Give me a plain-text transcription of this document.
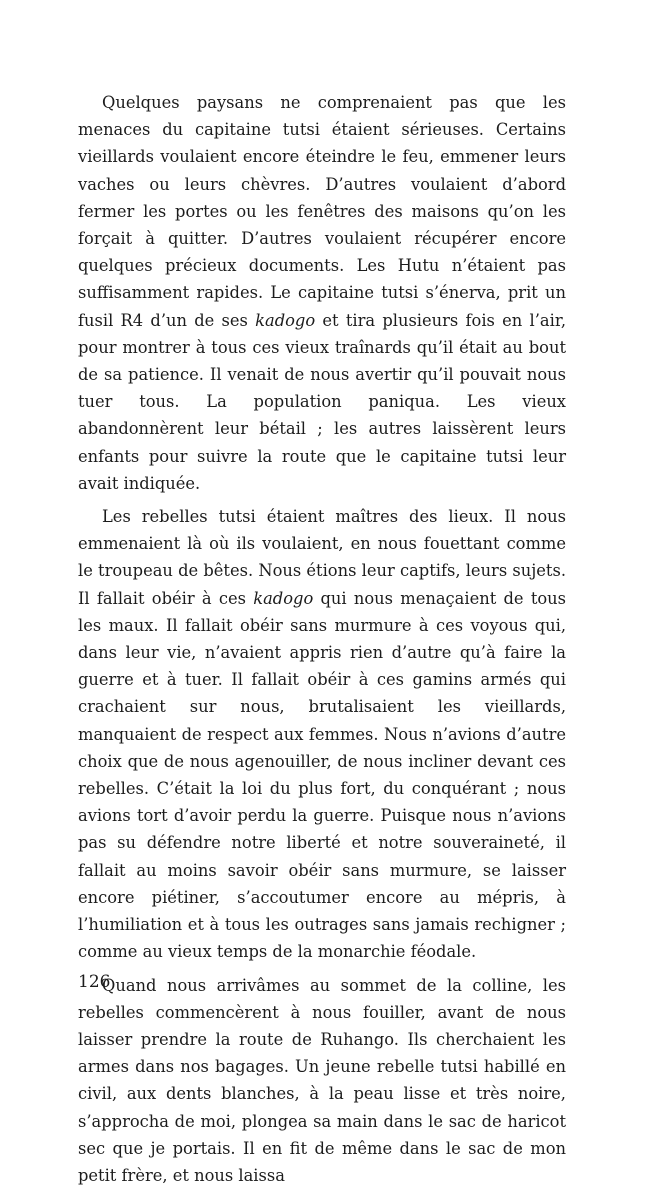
Quelques paysans ne comprenaient pas que les menaces du capitaine tutsi étaient sérieuses. Certains vieillards voulaient encore éteindre le feu, emmener leurs vaches ou leurs chèvres. D’autres voulaient d’abord fermer les portes ou les fenêtres des maisons qu’on les forçait à quitter. D’autres voulaient récupérer encore quelques précieux documents. Les Hutu n’étaient pas suffisamment rapides. Le capitaine tutsi s’énerva, prit un fusil R4 d’un de ses kadogo et tira plusieurs fois en l’air, pour montrer à tous ces vieux traînards qu’il était au bout de sa patience. Il venait de nous avertir qu’il pouvait nous tuer tous. La population paniqua. Les vieux abandonnèrent leur bétail ; les autres laissèrent leurs enfants pour suivre la route que le capitaine tutsi leur avait indiquée.

Les rebelles tutsi étaient maîtres des lieux. Il nous emmenaient là où ils voulaient, en nous fouettant comme le troupeau de bêtes. Nous étions leur captifs, leurs sujets. Il fallait obéir à ces kadogo qui nous menaçaient de tous les maux. Il fallait obéir sans murmure à ces voyous qui, dans leur vie, n’avaient appris rien d’autre qu’à faire la guerre et à tuer. Il fallait obéir à ces gamins armés qui crachaient sur nous, brutalisaient les vieillards, manquaient de respect aux femmes. Nous n’avions d’autre choix que de nous agenouiller, de nous incliner devant ces rebelles. C’était la loi du plus fort, du conquérant ; nous avions tort d’avoir perdu la guerre. Puisque nous n’avions pas su défendre notre liberté et notre souveraineté, il fallait au moins savoir obéir sans murmure, se laisser encore piétiner, s’accoutumer encore au mépris, à l’humiliation et à tous les outrages sans jamais rechigner ; comme au vieux temps de la monarchie féodale.

Quand nous arrivâmes au sommet de la colline, les rebelles commencèrent à nous fouiller, avant de nous laisser prendre la route de Ruhango. Ils cherchaient les armes dans nos bagages. Un jeune rebelle tutsi habillé en civil, aux dents blanches, à la peau lisse et très noire, s’approcha de moi, plongea sa main dans le sac de haricot sec que je portais. Il en fit de même dans le sac de mon petit frère, et nous laissa

126
